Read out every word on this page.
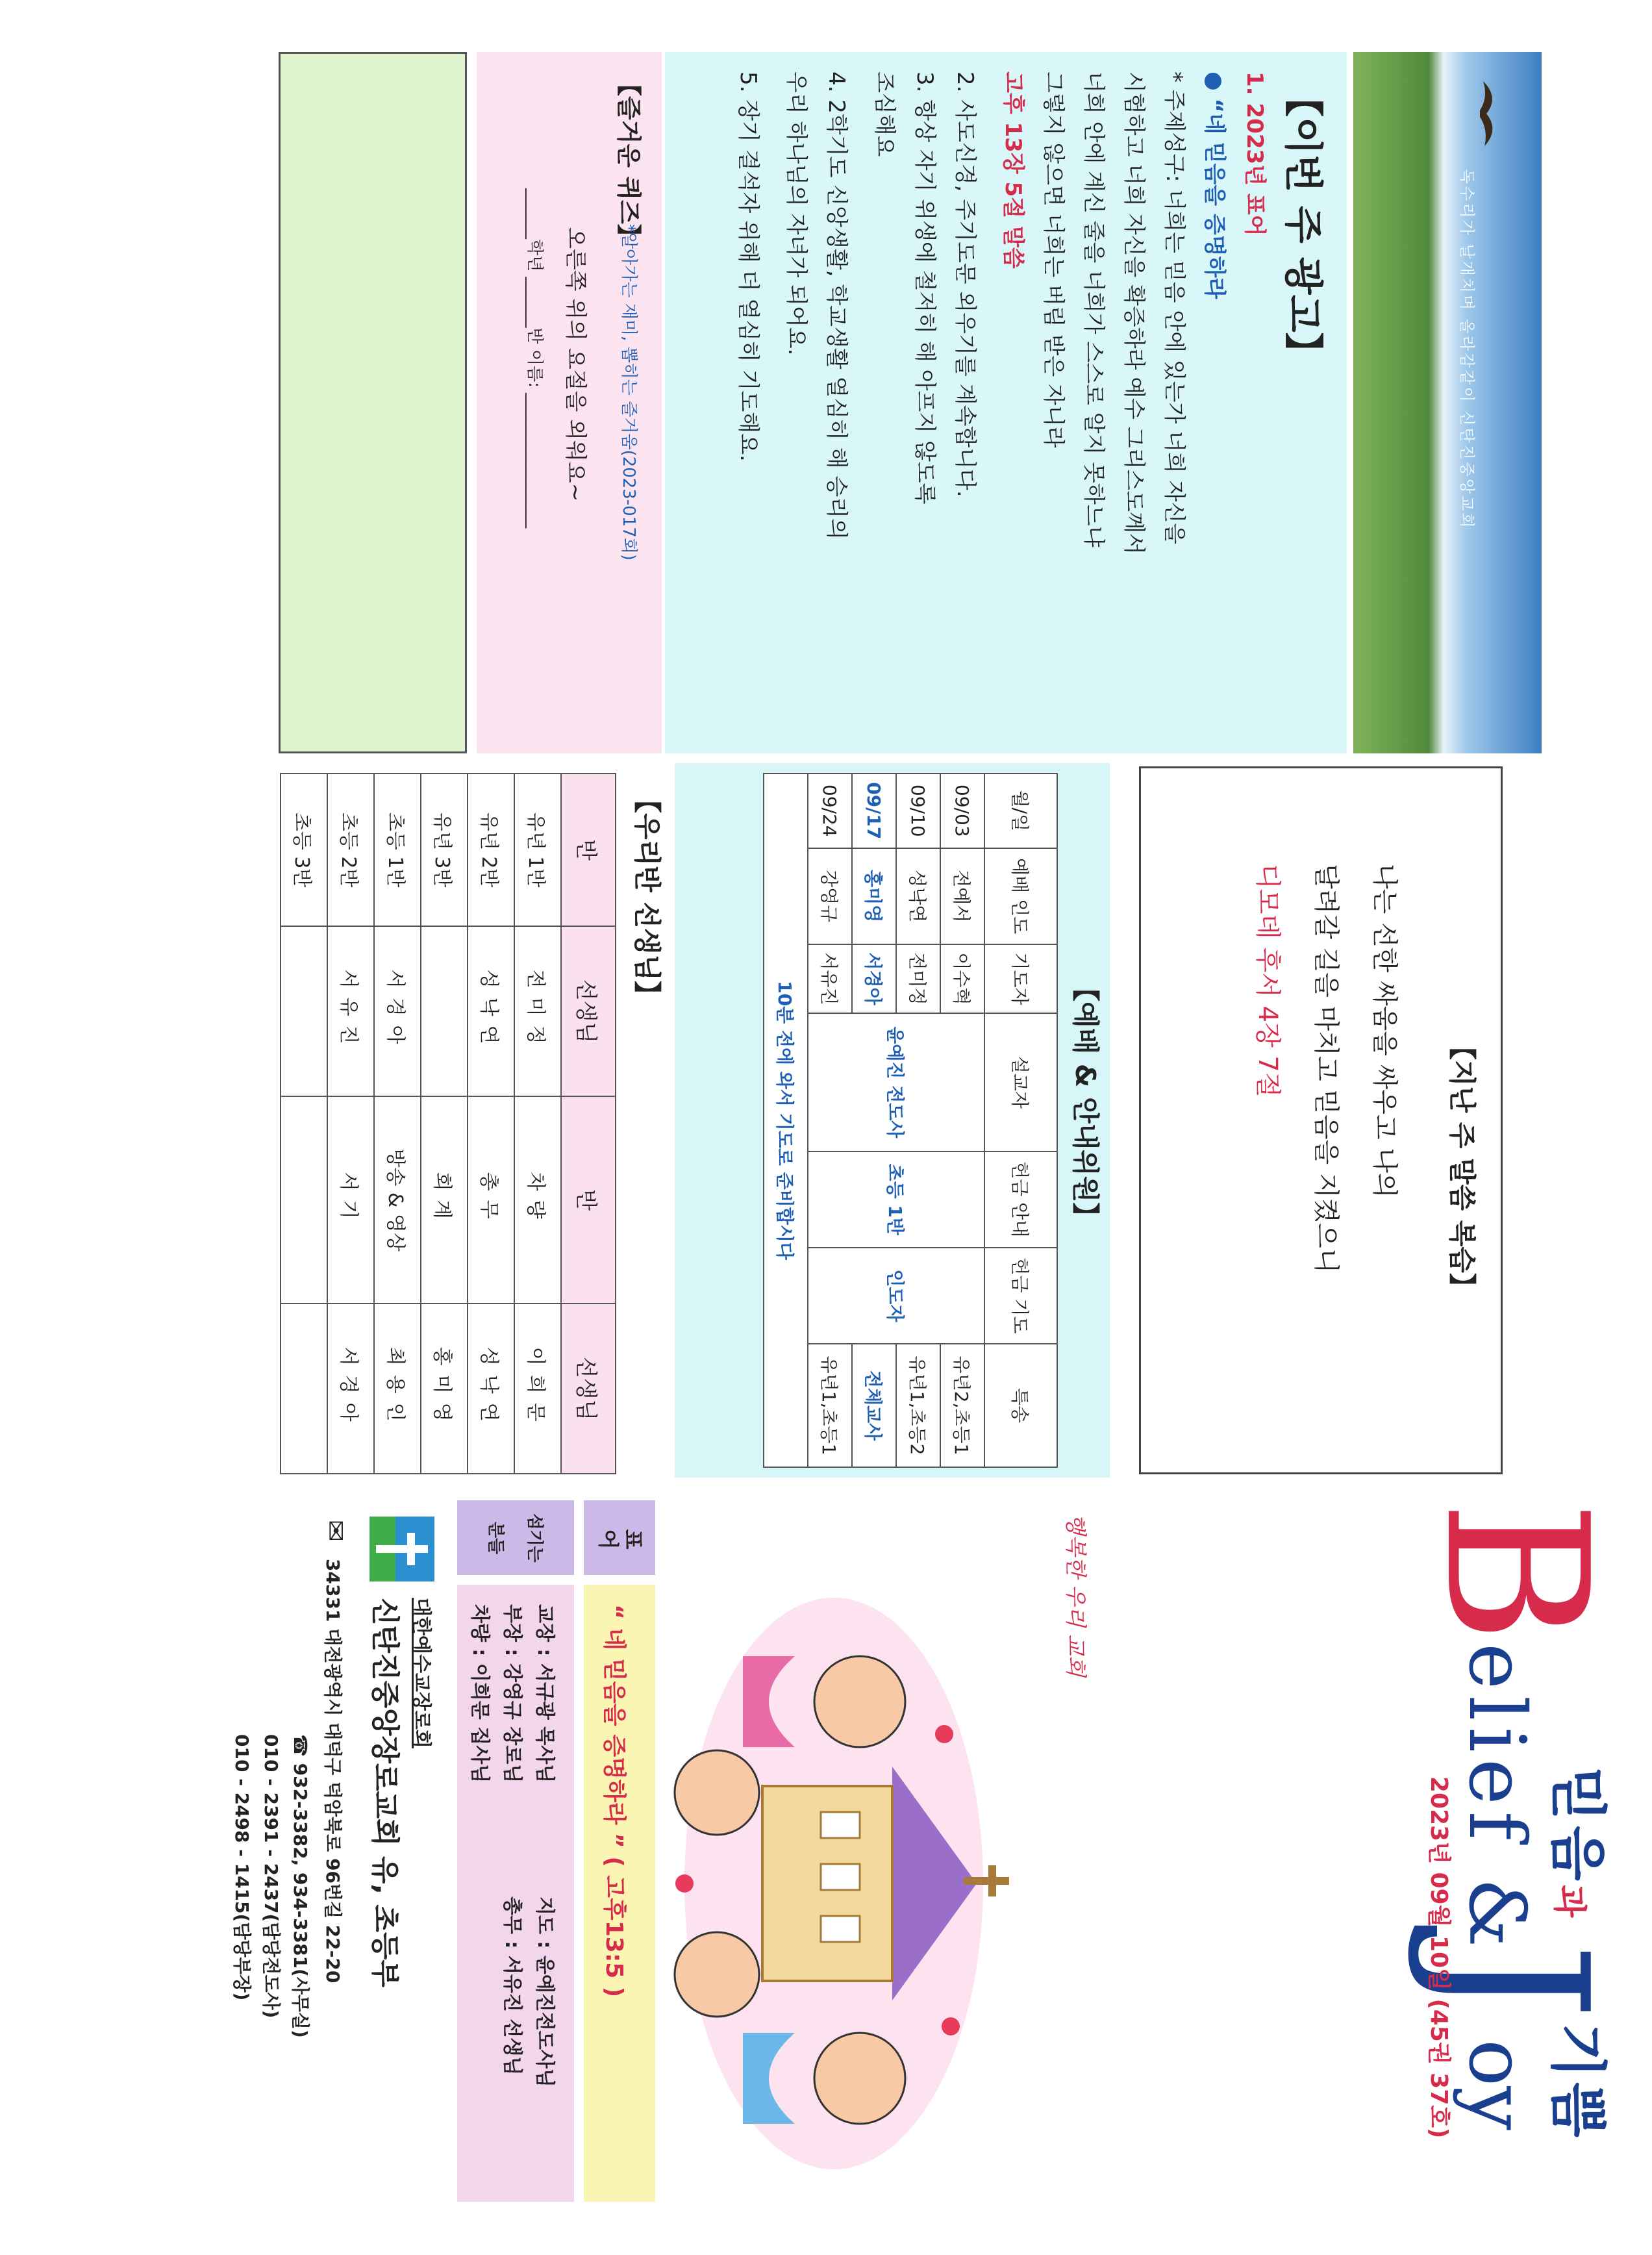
독수리가 날개치며 올라감같이 신탄진중앙교회
【이번 주 광고】
1. 2023년 표어
● “네 믿음을 증명하라
* 주제성구: 너희는 믿음 안에 있는가 너희 자신을
시험하고 너희 자신을 확증하라 예수 그리스도께서
너희 안에 계신 줄을 너희가 스스로 알지 못하느냐
그렇지 않으면 너희는 버림 받은 자니라
고후 13장 5절 말씀
2. 사도신경, 주기도문 외우기를 계속합니다.
3. 항상 자기 위생에 철저히 해 아프지 않도록
조심해요
4. 2학기도 신앙생활, 학교생활 열심히 해 승리의
우리 하나님의 자녀가 되어요.
5. 장기 결석자 위해 더 열심히 기도해요.
【즐거운 퀴즈】
*알아가는 재미, 뽑히는 즐거움(2023-017회)
오른쪽 위의 요절을 외워요~
______학년 ______반 이름: ________________
【지난 주 말씀 복습】
나는 선한 싸움을 싸우고 나의
달려갈 길을 마치고 믿음을 지켰으니
디모데 후서 4장 7절
【예배 & 안내위원】
월/일	예배 인도	기도자	설교자	헌금 안내	헌금 기도	특송
09/03	전예서	이수혁	윤예진 전도사	초등 1반	인도자	유년2,초등1
09/10	성낙연	전미정				유년1,초등2
09/17	홍미영	서경아				전체교사
09/24	강영규	서유진				유년1,초등1
10분 전에 와서 기도로 준비합시다						
【우리반 선생님】
반	선생님	반	선생님
유년 1반	전미정	차량	이희문
유년 2반	성낙연	총무	성낙연
유년 3반		회계	홍미영
초등 1반	서경아	방송 & 영상	최용인
초등 2반	서유진	서기	서경아
초등 3반			
믿음과 기쁨
B
elief &
J
oy
2023년 09월 10일 (45권 37호)
행복한 우리 교회
표어
“ 네 믿음을 증명하라 ” ( 고후13:5 )
섬기는
분들
교장 : 서규광 목사님
지도 : 윤예진전도사님
부장 : 강영규 장로님
총무 : 서유진 선생님
차량 : 이희문 집사님
대한예수교장로회
신탄진중앙장로교회 유, 초등부
✉
34331 대전광역시 대덕구 덕암북로 96번길 22-20
☎ 932-3382, 934-3381(사무실)
010 - 2391 - 2437(담당전도사)
010 - 2498 - 1415(담당부장)
